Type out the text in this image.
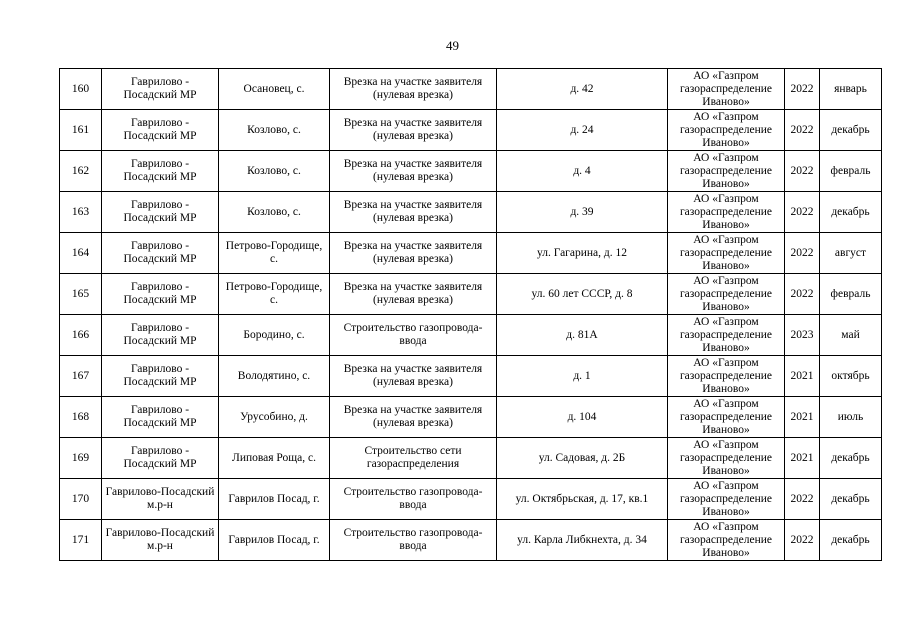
49
160	Гаврилово - Посадский МР	Осановец, с.	Врезка на участке заявителя (нулевая врезка)	д. 42	АО «Газпром газораспределение Иваново»	2022	январь
161	Гаврилово - Посадский МР	Козлово, с.	Врезка на участке заявителя (нулевая врезка)	д. 24	АО «Газпром газораспределение Иваново»	2022	декабрь
162	Гаврилово - Посадский МР	Козлово, с.	Врезка на участке заявителя (нулевая врезка)	д. 4	АО «Газпром газораспределение Иваново»	2022	февраль
163	Гаврилово - Посадский МР	Козлово, с.	Врезка на участке заявителя (нулевая врезка)	д. 39	АО «Газпром газораспределение Иваново»	2022	декабрь
164	Гаврилово - Посадский МР	Петрово-Городище, с.	Врезка на участке заявителя (нулевая врезка)	ул. Гагарина, д. 12	АО «Газпром газораспределение Иваново»	2022	август
165	Гаврилово - Посадский МР	Петрово-Городище, с.	Врезка на участке заявителя (нулевая врезка)	ул. 60 лет СССР, д. 8	АО «Газпром газораспределение Иваново»	2022	февраль
166	Гаврилово - Посадский МР	Бородино, с.	Строительство газопровода-ввода	д. 81А	АО «Газпром газораспределение Иваново»	2023	май
167	Гаврилово - Посадский МР	Володятино, с.	Врезка на участке заявителя (нулевая врезка)	д. 1	АО «Газпром газораспределение Иваново»	2021	октябрь
168	Гаврилово - Посадский МР	Урусобино, д.	Врезка на участке заявителя (нулевая врезка)	д. 104	АО «Газпром газораспределение Иваново»	2021	июль
169	Гаврилово - Посадский МР	Липовая Роща, с.	Строительство сети газораспределения	ул. Садовая, д. 2Б	АО «Газпром газораспределение Иваново»	2021	декабрь
170	Гаврилово-Посадский м.р-н	Гаврилов Посад, г.	Строительство газопровода-ввода	ул. Октябрьская, д. 17, кв.1	АО «Газпром газораспределение Иваново»	2022	декабрь
171	Гаврилово-Посадский м.р-н	Гаврилов Посад, г.	Строительство газопровода-ввода	ул. Карла Либкнехта, д. 34	АО «Газпром газораспределение Иваново»	2022	декабрь
